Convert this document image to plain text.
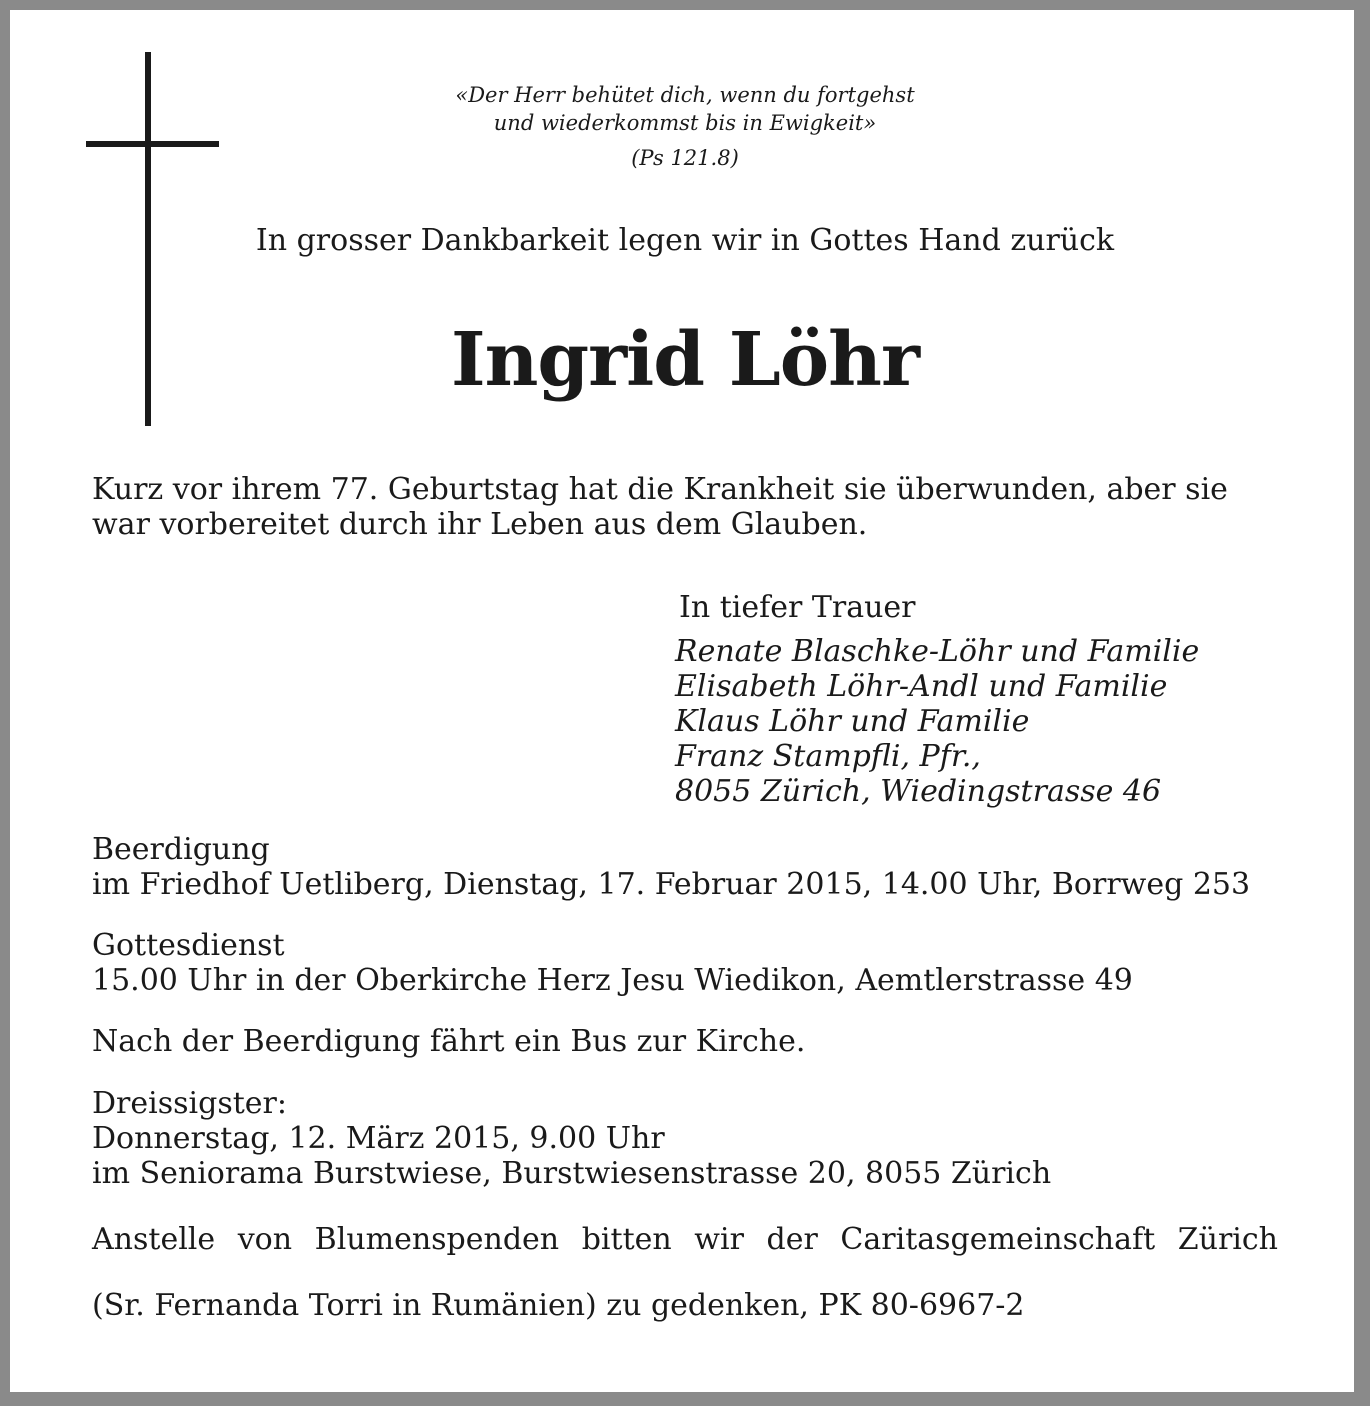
«Der Herr behütet dich, wenn du fortgehst
und wiederkommst bis in Ewigkeit»
(Ps 121.8)
In grosser Dankbarkeit legen wir in Gottes Hand zurück
Ingrid Löhr
Kurz vor ihrem 77. Geburtstag hat die Krankheit sie überwunden, aber sie
war vorbereitet durch ihr Leben aus dem Glauben.
In tiefer Trauer
Renate Blaschke-Löhr und Familie
Elisabeth Löhr-Andl und Familie
Klaus Löhr und Familie
Franz Stampfli, Pfr.,
8055 Zürich, Wiedingstrasse 46
Beerdigung
im Friedhof Uetliberg, Dienstag, 17. Februar 2015, 14.00 Uhr, Borrweg 253
Gottesdienst
15.00 Uhr in der Oberkirche Herz Jesu Wiedikon, Aemtlerstrasse 49
Nach der Beerdigung fährt ein Bus zur Kirche.
Dreissigster:
Donnerstag, 12. März 2015, 9.00 Uhr
im Seniorama Burstwiese, Burstwiesenstrasse 20, 8055 Zürich
Anstelle von Blumenspenden bitten wir der Caritasgemeinschaft Zürich
(Sr. Fernanda Torri in Rumänien) zu gedenken, PK 80-6967-2
